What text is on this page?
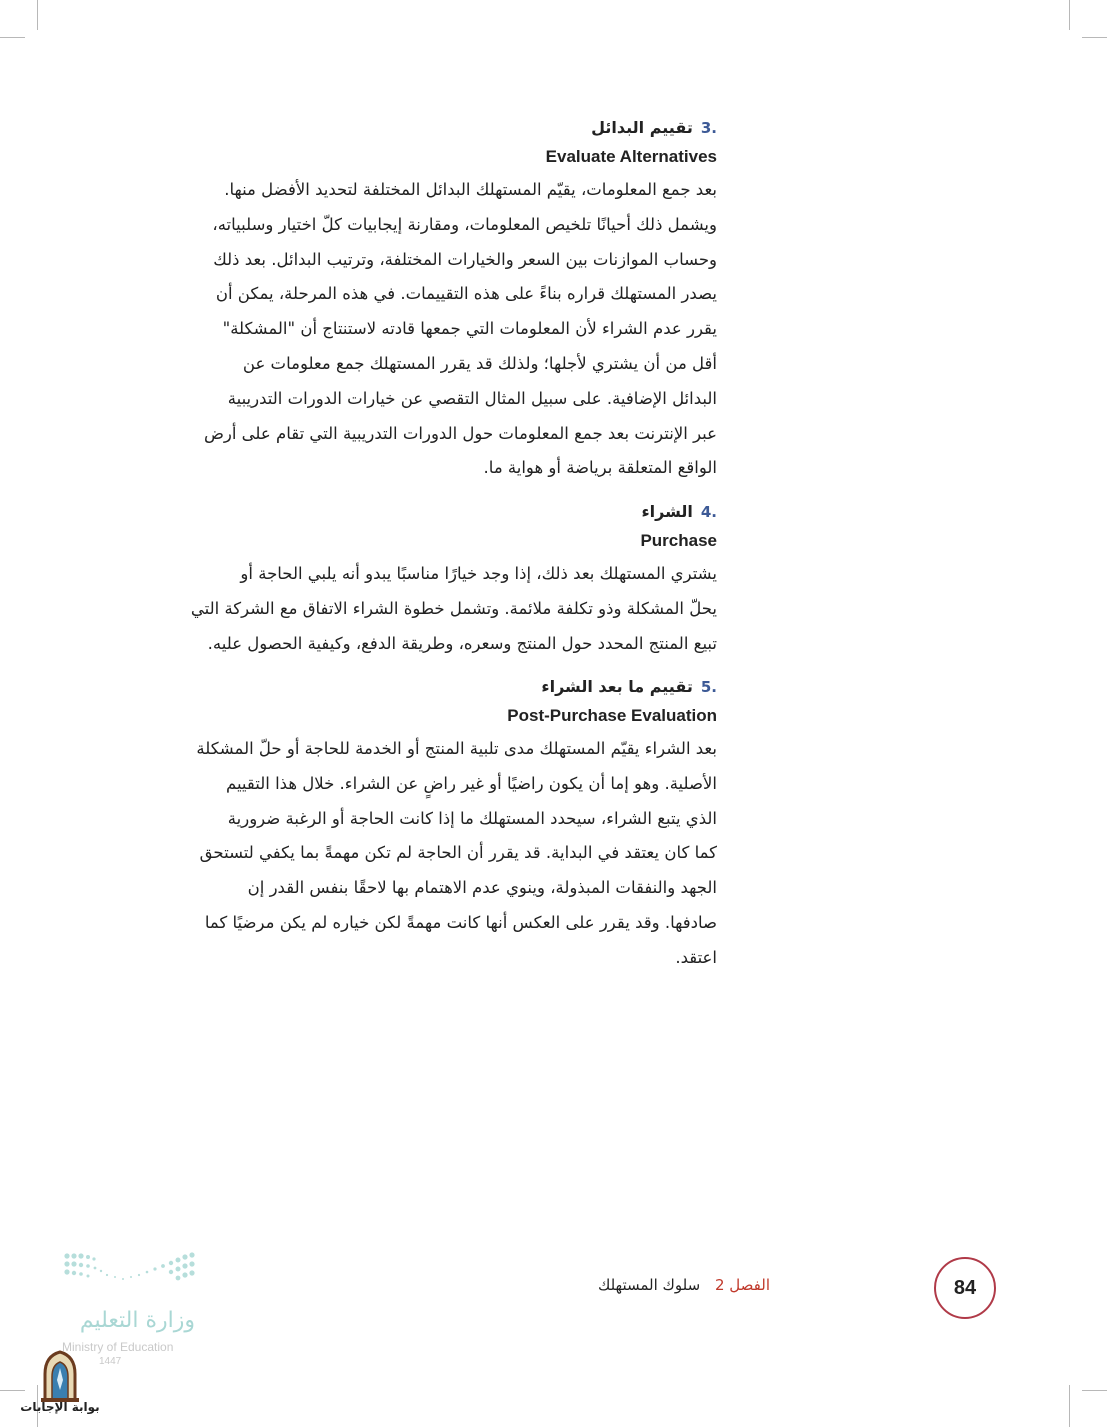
.3
تقييم البدائل
Evaluate Alternatives
بعد جمع المعلومات، يقيّم المستهلك البدائل المختلفة لتحديد الأفضل منها.
ويشمل ذلك أحيانًا تلخيص المعلومات، ومقارنة إيجابيات كلّ اختيار وسلبياته،
وحساب الموازنات بين السعر والخيارات المختلفة، وترتيب البدائل. بعد ذلك
يصدر المستهلك قراره بناءً على هذه التقييمات. في هذه المرحلة، يمكن أن
يقرر عدم الشراء لأن المعلومات التي جمعها قادته لاستنتاج أن "المشكلة"
أقل من أن يشتري لأجلها؛ ولذلك قد يقرر المستهلك جمع معلومات عن
البدائل الإضافية. على سبيل المثال التقصي عن خيارات الدورات التدريبية
عبر الإنترنت بعد جمع المعلومات حول الدورات التدريبية التي تقام على أرض
الواقع المتعلقة برياضة أو هواية ما.
.4
الشراء
Purchase
يشتري المستهلك بعد ذلك، إذا وجد خيارًا مناسبًا يبدو أنه يلبي الحاجة أو
يحلّ المشكلة وذو تكلفة ملائمة. وتشمل خطوة الشراء الاتفاق مع الشركة التي
تبيع المنتج المحدد حول المنتج وسعره، وطريقة الدفع، وكيفية الحصول عليه.
.5
تقييم ما بعد الشراء
Post-Purchase Evaluation
بعد الشراء يقيّم المستهلك مدى تلبية المنتج أو الخدمة للحاجة أو حلّ المشكلة
الأصلية. وهو إما أن يكون راضيًا أو غير راضٍ عن الشراء. خلال هذا التقييم
الذي يتبع الشراء، سيحدد المستهلك ما إذا كانت الحاجة أو الرغبة ضرورية
كما كان يعتقد في البداية. قد يقرر أن الحاجة لم تكن مهمةً بما يكفي لتستحق
الجهد والنفقات المبذولة، وينوي عدم الاهتمام بها لاحقًا بنفس القدر إن
صادفها. وقد يقرر على العكس أنها كانت مهمةً لكن خياره لم يكن مرضيًا كما
اعتقد.
الفصل 2 سلوك المستهلك	84
وزارة التعليم
Ministry of Education
1447
بوابة الإجابات
